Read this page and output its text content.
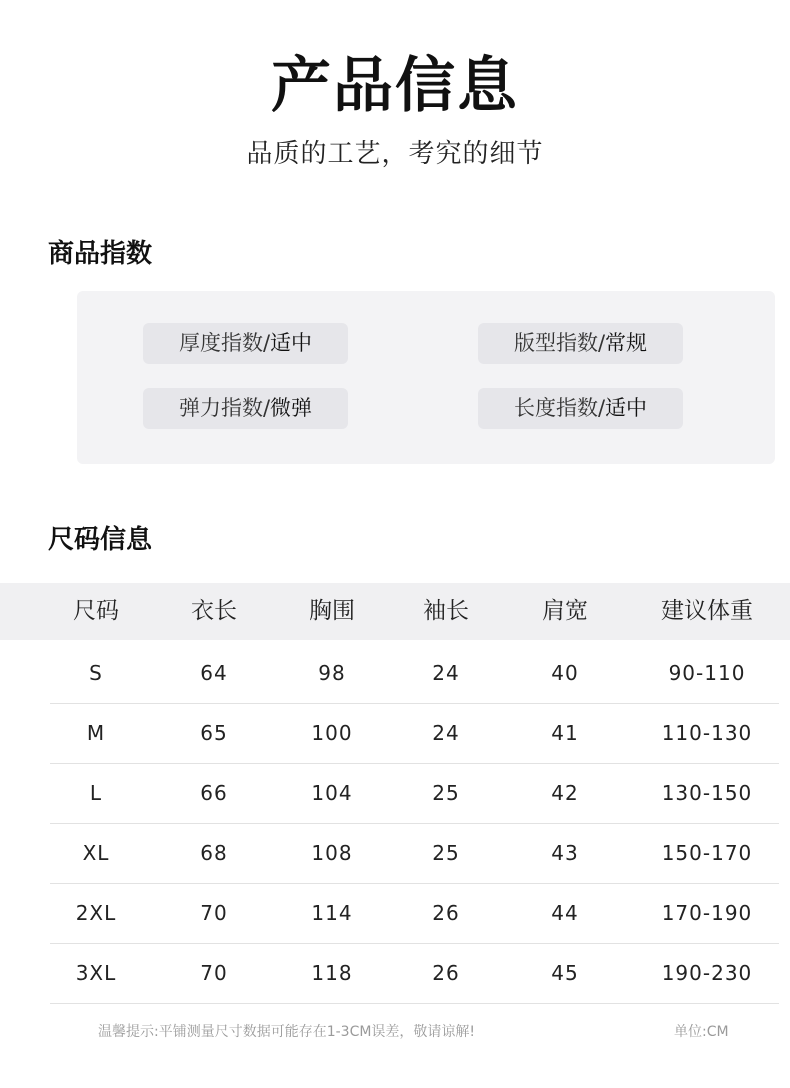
产品信息
品质的工艺，考究的细节
商品指数
厚度指数/适中	版型指数/常规
弹力指数/微弹	长度指数/适中
尺码信息
尺码	衣长	胸围	袖长	肩宽	建议体重
S	64	98	24	40	90-110
M	65	100	24	41	110-130
L	66	104	25	42	130-150
XL	68	108	25	43	150-170
2XL	70	114	26	44	170-190
3XL	70	118	26	45	190-230
温馨提示:平铺测量尺寸数据可能存在1-3CM误差，敬请谅解!	单位:CM
